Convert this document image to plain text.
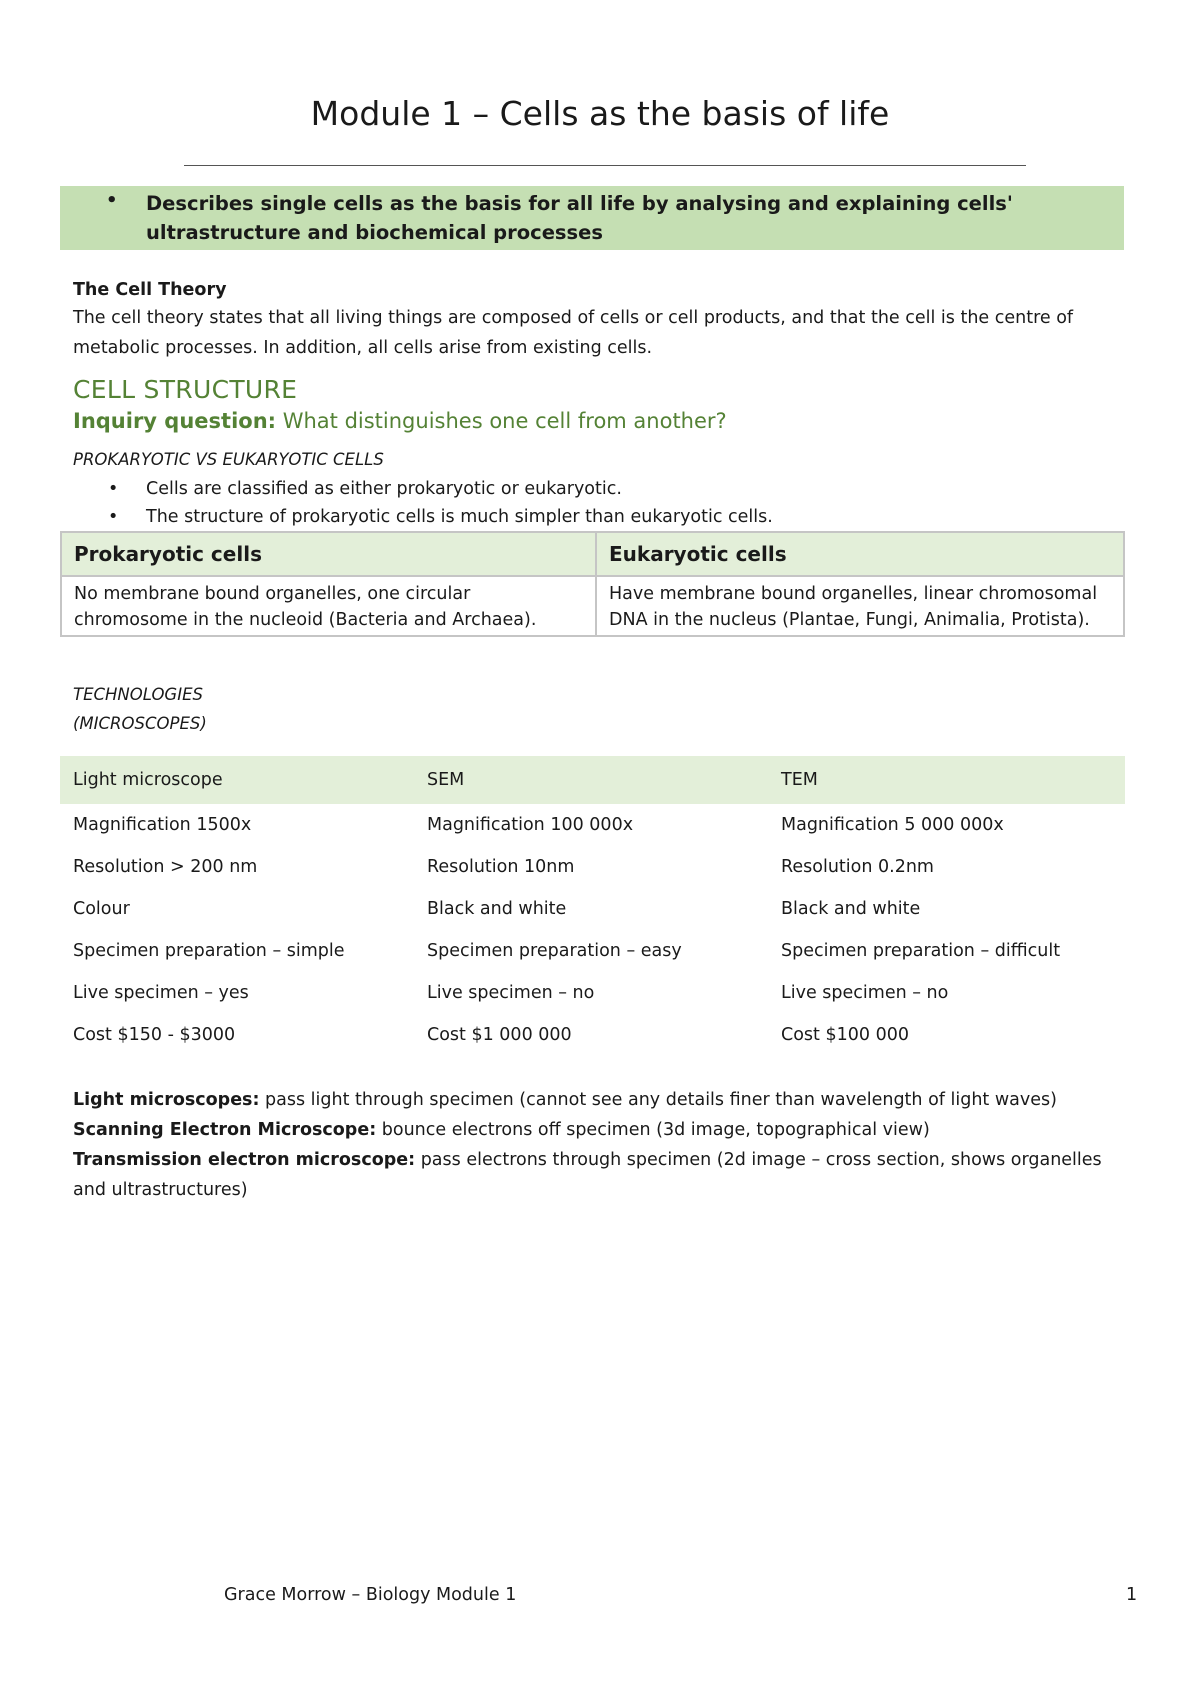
Module 1 – Cells as the basis of life
• Describes single cells as the basis for all life by analysing and explaining cells' ultrastructure and biochemical processes
The Cell Theory
The cell theory states that all living things are composed of cells or cell products, and that the cell is the centre of metabolic processes. In addition, all cells arise from existing cells.
CELL STRUCTURE
Inquiry question: What distinguishes one cell from another?
PROKARYOTIC VS EUKARYOTIC CELLS
• Cells are classified as either prokaryotic or eukaryotic.
• The structure of prokaryotic cells is much simpler than eukaryotic cells.
Prokaryotic cells	Eukaryotic cells
No membrane bound organelles, one circular chromosome in the nucleoid (Bacteria and Archaea).	Have membrane bound organelles, linear chromosomal DNA in the nucleus (Plantae, Fungi, Animalia, Protista).
TECHNOLOGIES
(MICROSCOPES)
Light microscope	SEM	TEM
Magnification 1500x	Magnification 100 000x	Magnification 5 000 000x
Resolution > 200 nm	Resolution 10nm	Resolution 0.2nm
Colour	Black and white	Black and white
Specimen preparation – simple	Specimen preparation – easy	Specimen preparation – difficult
Live specimen – yes	Live specimen – no	Live specimen – no
Cost $150 - $3000	Cost $1 000 000	Cost $100 000
Light microscopes: pass light through specimen (cannot see any details finer than wavelength of light waves)
Scanning Electron Microscope: bounce electrons off specimen (3d image, topographical view)
Transmission electron microscope: pass electrons through specimen (2d image – cross section, shows organelles and ultrastructures)
Grace Morrow – Biology Module 1	1
